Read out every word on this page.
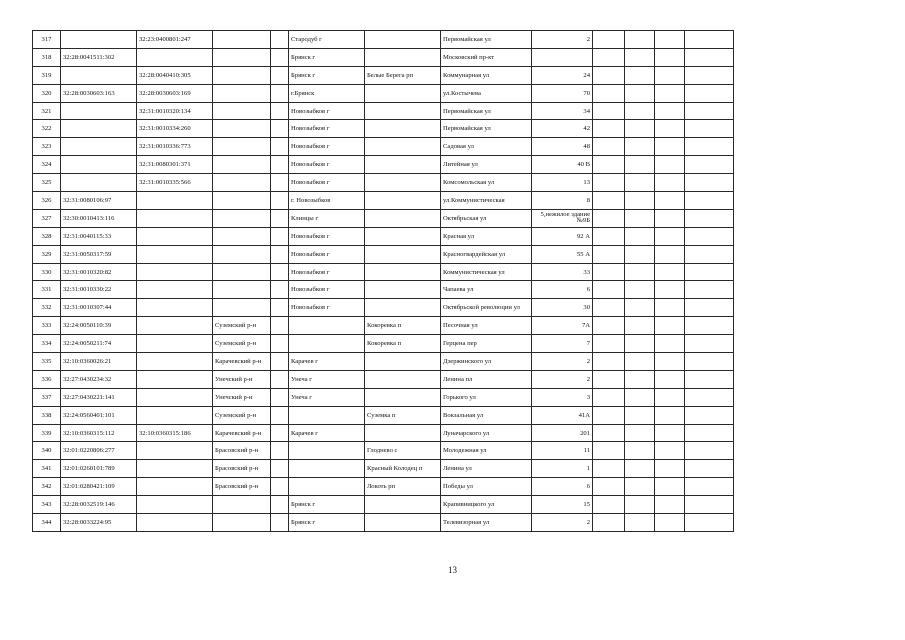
317		32:23:0400801:247			Стародуб г		Первомайская ул	2				
318	32:28:0041511:302				Брянск г		Московский пр-кт					
319		32:28:0040410:305			Брянск г	Белые Берега рп	Коммунарная ул	24				
320	32:28:0030603:163	32:28:0030603:169			г.Брянск		ул.Костычева	70				
321		32:31:0010320:134			Новозыбков г		Первомайская ул	34				
322		32:31:0010334:260			Новозыбков г		Первомайская ул	42				
323		32:31:0010336:773			Новозыбков г		Садовая ул	48				
324		32:31:0080301:371			Новозыбков г		Литейная ул	40 В				
325		32:31:0010335:566			Новозыбков г		Комсомольская ул	13				
326	32:31:0080106:97				г. Новозыбков		ул.Коммунистическая	8				
327	32:30:0010413:116				Клинцы г		Октябрьская ул	5,нежилое здание №9Б				
328	32:31:0040115:33				Новозыбков г		Красная ул	92 А				
329	32:31:0050317:59				Новозыбков г		Красногвардейская ул	55 А				
330	32:31:0010320:82				Новозыбков г		Коммунистическая ул	33				
331	32:31:0010330:22				Новозыбков г		Чапаева ул	6				
332	32:31:0010307:44				Новозыбков г		Октябрьской революции ул	30				
333	32:24:0050110:39		Суземский р-н			Кокоревка п	Песочная ул	7А				
334	32:24:0050211:74		Суземский р-н			Кокоревка п	Герцена пер	7				
335	32:10:0360026:21		Карачевский р-н		Карачев г		Дзержинского ул	2				
336	32:27:0430234:32		Унечский р-н		Унеча г		Ленина пл	2				
337	32:27:0430221:141		Унечский р-н		Унеча г		Горького ул	3				
338	32:24:0560401:101		Суземский р-н			Суземка п	Вокзальная ул	41А				
339	32:10:0360315:112	32:10:0360315:186	Карачевский р-н		Карачев г		Луначарского ул	201				
340	32:01:0220806:277		Брасовский р-н			Глоднево с	Молодежная ул	11				
341	32:01:0260101:789		Брасовский р-н			Красный Колодец п	Ленина ул	1				
342	32:01:0280421:109		Брасовский р-н			Локоть рп	Победы ул	6				
343	32:28:0032519:146				Брянск г		Крапивницкого ул	15				
344	32:28:0033224:95				Брянск г		Телевизорная ул	2				
13
